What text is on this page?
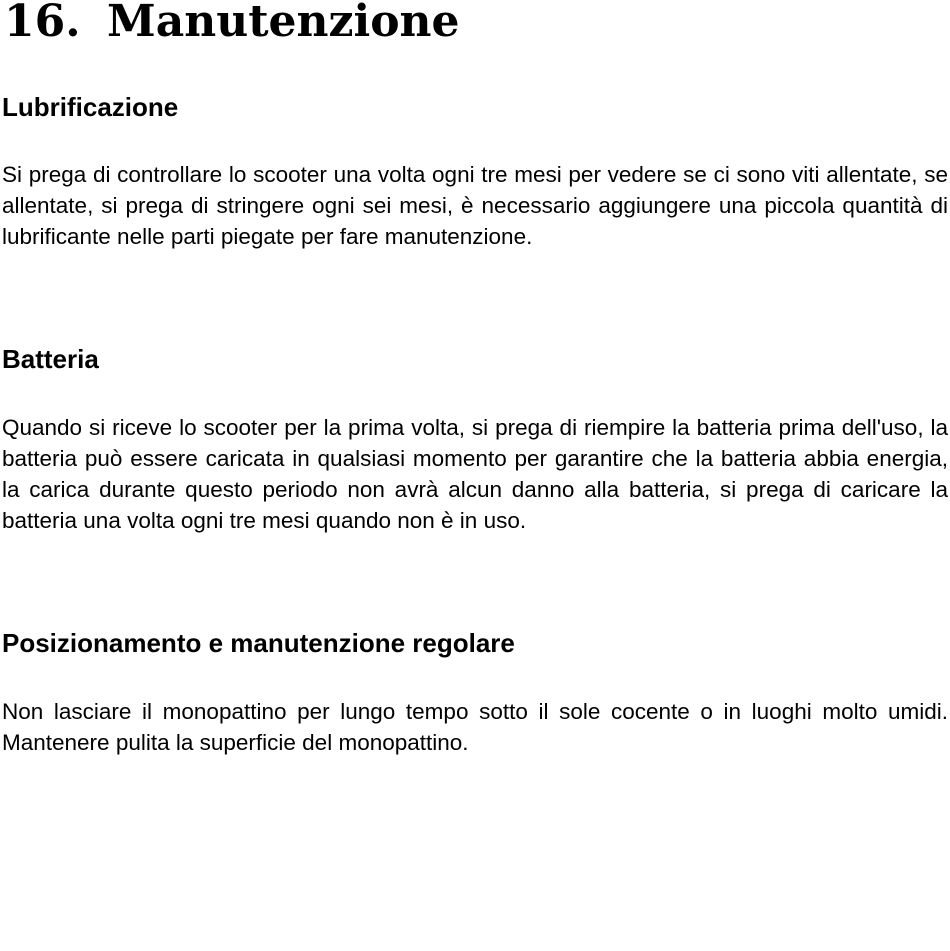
16. Manutenzione
Lubrificazione

Si prega di controllare lo scooter una volta ogni tre mesi per vedere se ci sono viti allentate, se allentate, si prega di stringere ogni sei mesi, è necessario aggiungere una piccola quantità di lubrificante nelle parti piegate per fare manutenzione.

Batteria

Quando si riceve lo scooter per la prima volta, si prega di riempire la batteria prima dell'uso, la batteria può essere caricata in qualsiasi momento per garantire che la batteria abbia energia, la carica durante questo periodo non avrà alcun danno alla batteria, si prega di caricare la batteria una volta ogni tre mesi quando non è in uso.

Posizionamento e manutenzione regolare

Non lasciare il monopattino per lungo tempo sotto il sole cocente o in luoghi molto umidi. Mantenere pulita la superficie del monopattino.
